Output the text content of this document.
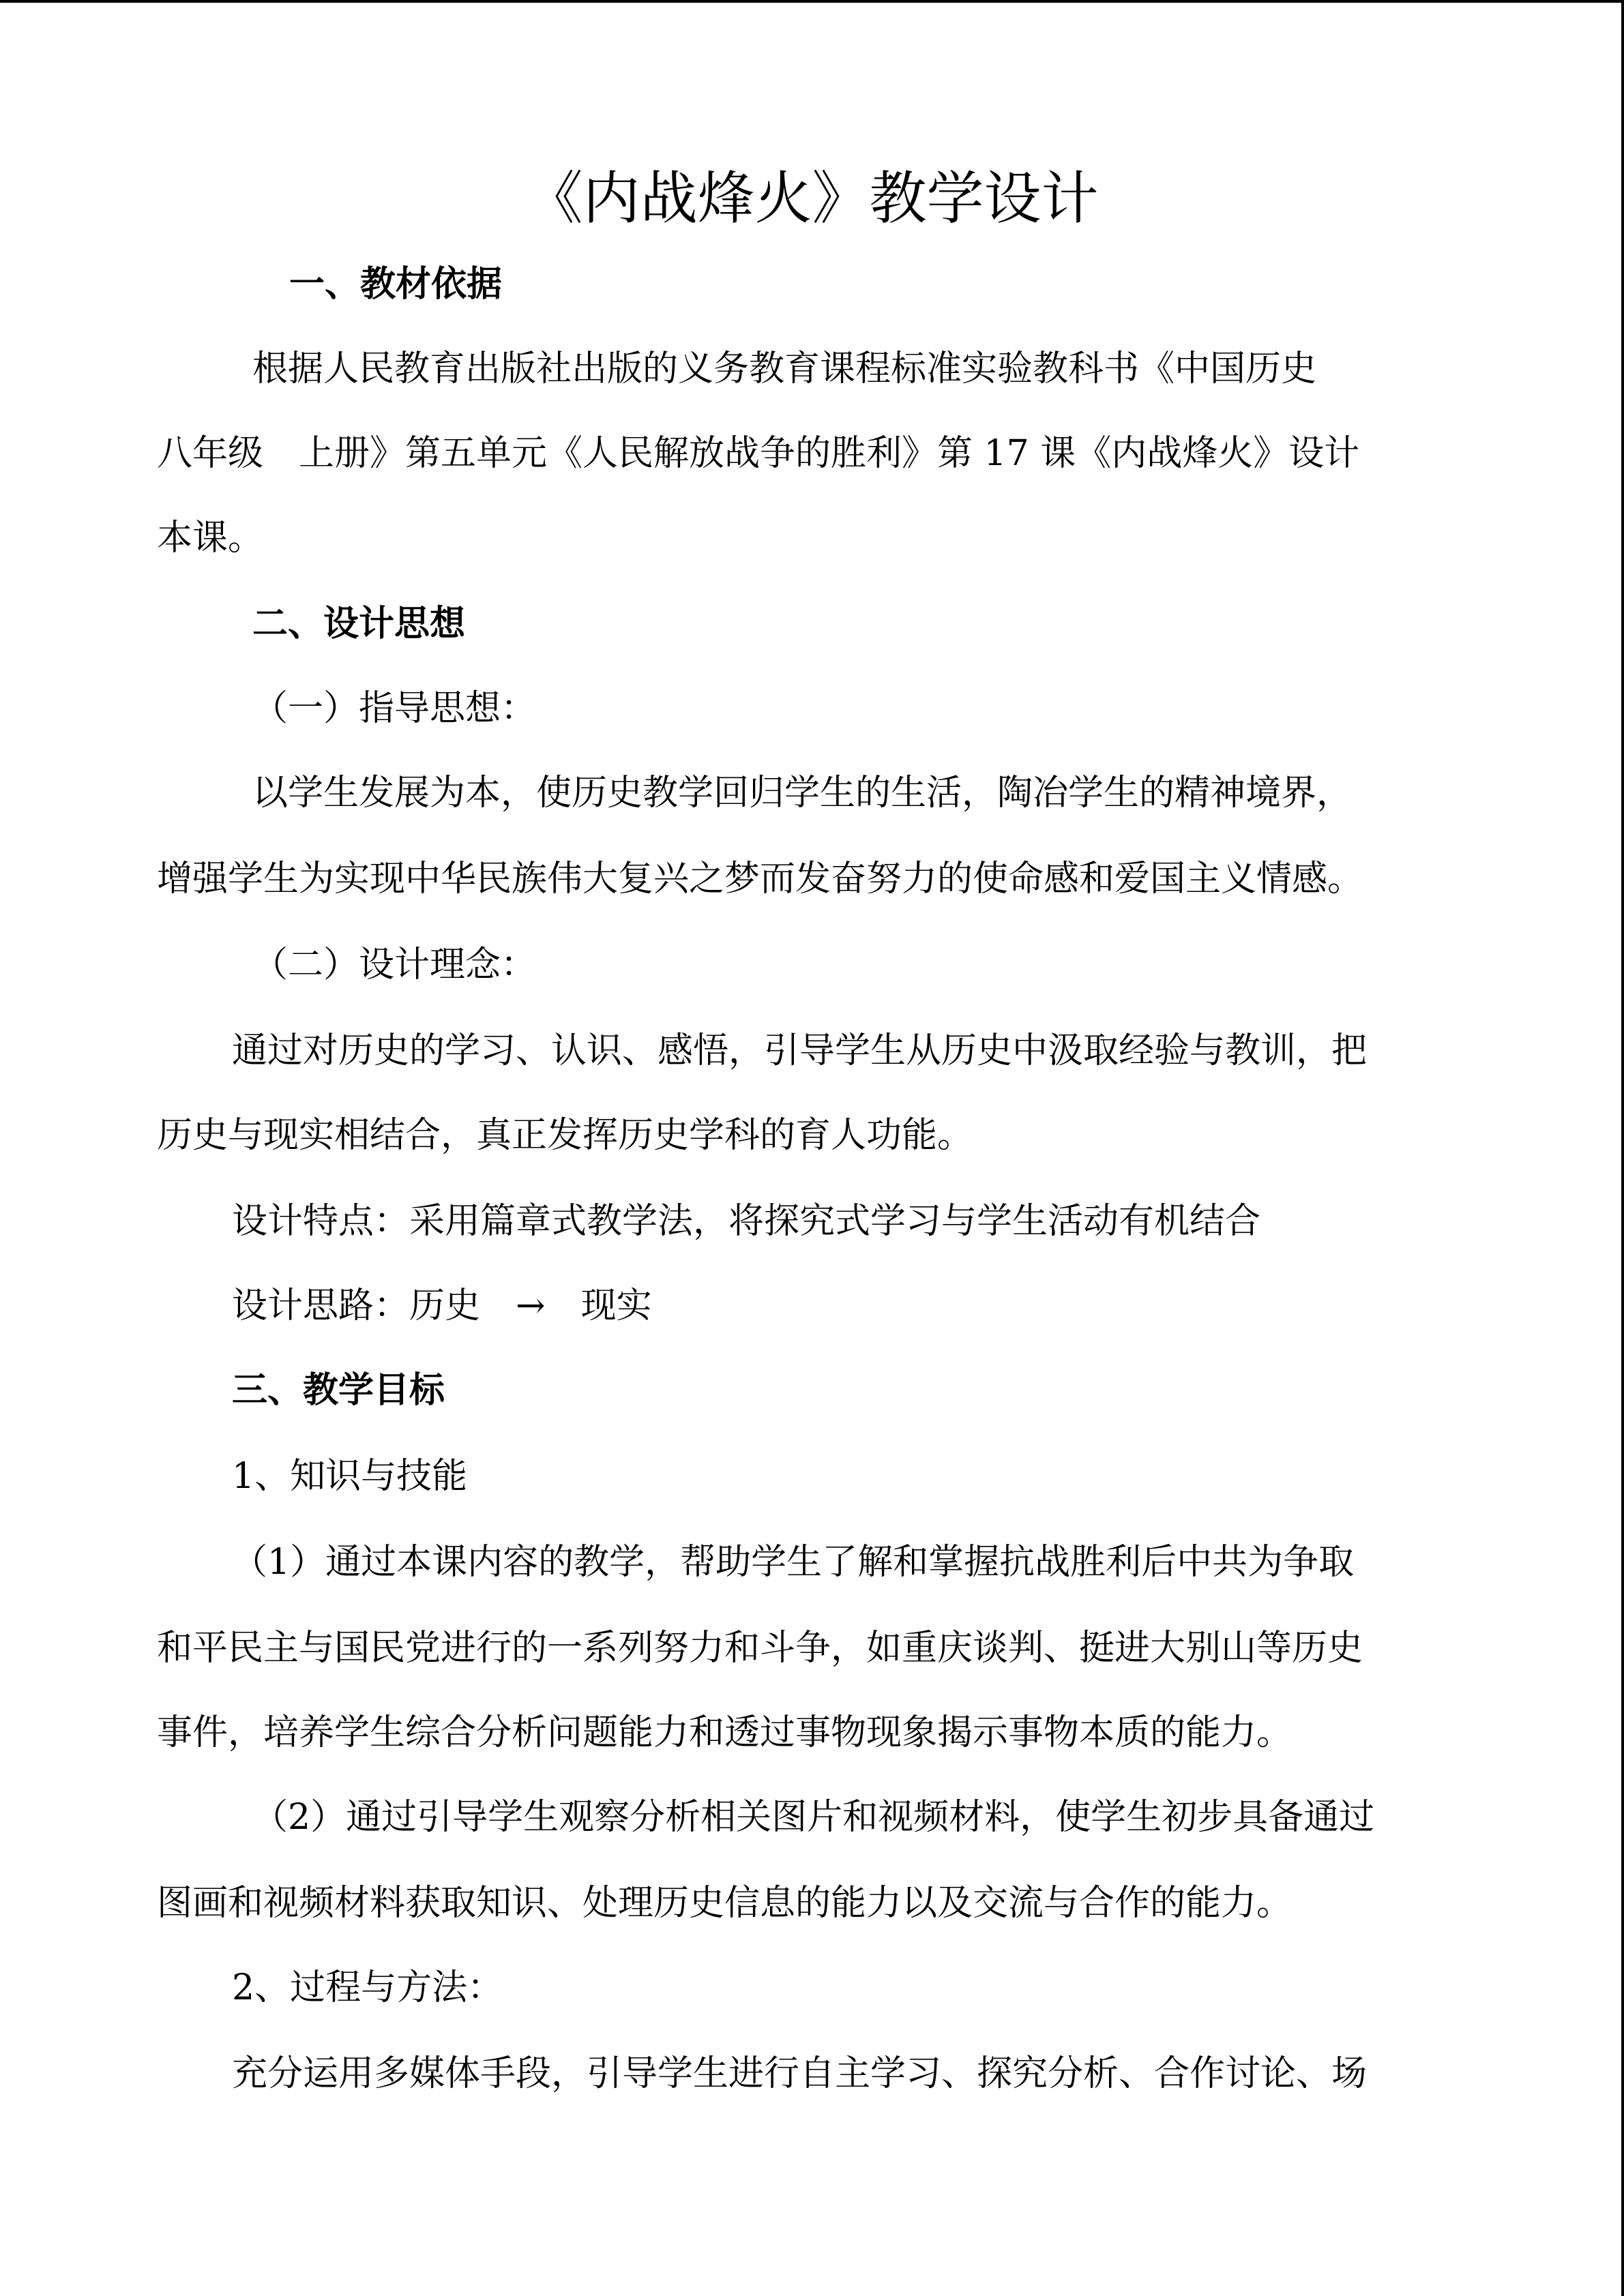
《内战烽火》教学设计
一、教材依据
根据人民教育出版社出版的义务教育课程标准实验教科书《中国历史
八年级　上册》第五单元《人民解放战争的胜利》第 17 课《内战烽火》设计
本课。
二、设计思想
（一）指导思想：
以学生发展为本，使历史教学回归学生的生活，陶冶学生的精神境界，
增强学生为实现中华民族伟大复兴之梦而发奋努力的使命感和爱国主义情感。
（二）设计理念：
通过对历史的学习、认识、感悟，引导学生从历史中汲取经验与教训，把
历史与现实相结合，真正发挥历史学科的育人功能。
设计特点：采用篇章式教学法，将探究式学习与学生活动有机结合
设计思路：历史　→　现实
三、教学目标
1、知识与技能
（1）通过本课内容的教学，帮助学生了解和掌握抗战胜利后中共为争取
和平民主与国民党进行的一系列努力和斗争，如重庆谈判、挺进大别山等历史
事件，培养学生综合分析问题能力和透过事物现象揭示事物本质的能力。
（2）通过引导学生观察分析相关图片和视频材料，使学生初步具备通过
图画和视频材料获取知识、处理历史信息的能力以及交流与合作的能力。
2、过程与方法：
充分运用多媒体手段，引导学生进行自主学习、探究分析、合作讨论、场
